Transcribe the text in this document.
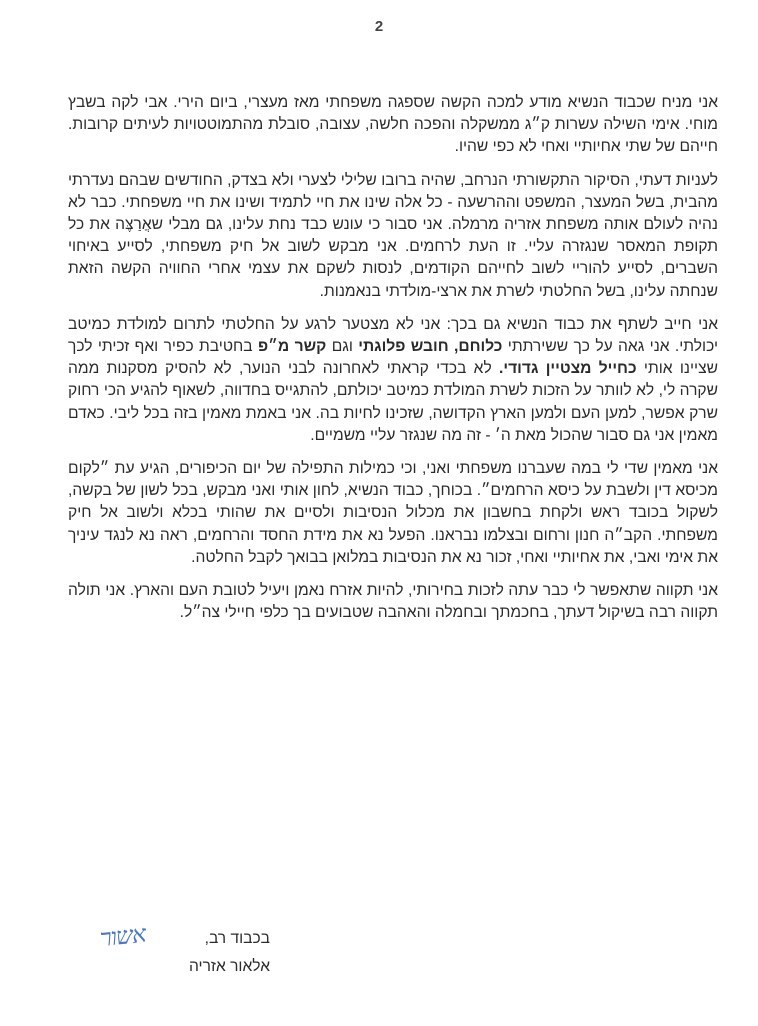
2

אני מניח שכבוד הנשיא מודע למכה הקשה שספגה משפחתי מאז מעצרי, ביום הירי. אבי לקה בשבץ מוחי. אימי השילה עשרות ק״ג ממשקלה והפכה חלשה, עצובה, סובלת מהתמוטטויות לעיתים קרובות. חייהם של שתי אחיותיי ואחי לא כפי שהיו.

לעניות דעתי, הסיקור התקשורתי הנרחב, שהיה ברובו שלילי לצערי ולא בצדק, החודשים שבהם נעדרתי מהבית, בשל המעצר, המשפט וההרשעה - כל אלה שינו את חיי לתמיד ושינו את חיי משפחתי. כבר לא נהיה לעולם אותה משפחת אזריה מרמלה. אני סבור כי עונש כבד נחת עלינו, גם מבלי שאֲרַצֶּה את כל תקופת המאסר שנגזרה עליי. זו העת לרחמים. אני מבקש לשוב אל חיק משפחתי, לסייע באיחוי השברים, לסייע להוריי לשוב לחייהם הקודמים, לנסות לשקם את עצמי אחרי החוויה הקשה הזאת שנחתה עלינו, בשל החלטתי לשרת את ארצי-מולדתי בנאמנות.

אני חייב לשתף את כבוד הנשיא גם בכך: אני לא מצטער לרגע על החלטתי לתרום למולדת כמיטב יכולתי. אני גאה על כך ששירתתי כלוחם, חובש פלוגתי וגם קשר מ״פ בחטיבת כפיר ואף זכיתי לכך שציינו אותי כחייל מצטיין גדודי. לא בכדי קראתי לאחרונה לבני הנוער, לא להסיק מסקנות ממה שקרה לי, לא לוותר על הזכות לשרת המולדת כמיטב יכולתם, להתגייס בחדווה, לשאוף להגיע הכי רחוק שרק אפשר, למען העם ולמען הארץ הקדושה, שזכינו לחיות בה. אני באמת מאמין בזה בכל ליבי. כאדם מאמין אני גם סבור שהכול מאת ה׳ - זה מה שנגזר עליי משמיים.

אני מאמין שדי לי במה שעברנו משפחתי ואני, וכי כמילות התפילה של יום הכיפורים, הגיע עת ״לקום מכיסא דין ולשבת על כיסא הרחמים״. בכוחך, כבוד הנשיא, לחון אותי ואני מבקש, בכל לשון של בקשה, לשקול בכובד ראש ולקחת בחשבון את מכלול הנסיבות ולסיים את שהותי בכלא ולשוב אל חיק משפחתי. הקב״ה חנון ורחום ובצלמו נבראנו. הפעל נא את מידת החסד והרחמים, ראה נא לנגד עיניך את אימי ואבי, את אחיותיי ואחי, זכור נא את הנסיבות במלואן בבואך לקבל החלטה.

אני תקווה שתאפשר לי כבר עתה לזכות בחירותי, להיות אזרח נאמן ויעיל לטובת העם והארץ. אני תולה תקווה רבה בשיקול דעתך, בחכמתך ובחמלה והאהבה שטבועים בך כלפי חיילי צה״ל.

בכבוד רב,
אלאור אזריה
אשור
